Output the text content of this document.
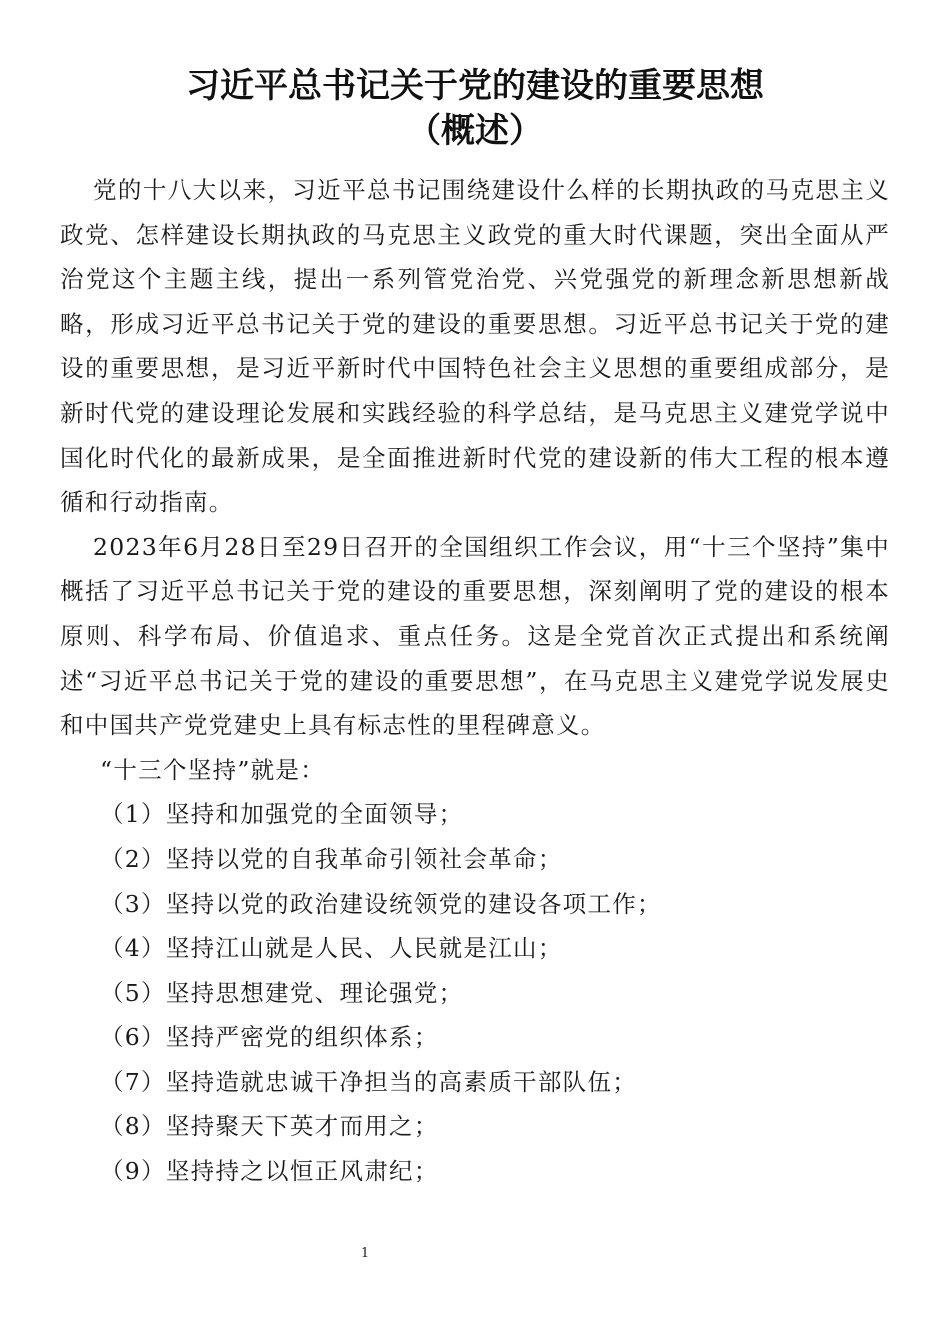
习近平总书记关于党的建设的重要思想
（概述）

党的十八大以来，习近平总书记围绕建设什么样的长期执政的马克思主义政党、怎样建设长期执政的马克思主义政党的重大时代课题，突出全面从严治党这个主题主线，提出一系列管党治党、兴党强党的新理念新思想新战略，形成习近平总书记关于党的建设的重要思想。习近平总书记关于党的建设的重要思想，是习近平新时代中国特色社会主义思想的重要组成部分，是新时代党的建设理论发展和实践经验的科学总结，是马克思主义建党学说中国化时代化的最新成果，是全面推进新时代党的建设新的伟大工程的根本遵循和行动指南。

2023年6月28日至29日召开的全国组织工作会议，用“十三个坚持”集中概括了习近平总书记关于党的建设的重要思想，深刻阐明了党的建设的根本原则、科学布局、价值追求、重点任务。这是全党首次正式提出和系统阐述“习近平总书记关于党的建设的重要思想”，在马克思主义建党学说发展史和中国共产党党建史上具有标志性的里程碑意义。

“十三个坚持”就是：

（1）坚持和加强党的全面领导；
（2）坚持以党的自我革命引领社会革命；
（3）坚持以党的政治建设统领党的建设各项工作；
（4）坚持江山就是人民、人民就是江山；
（5）坚持思想建党、理论强党；
（6）坚持严密党的组织体系；
（7）坚持造就忠诚干净担当的高素质干部队伍；
（8）坚持聚天下英才而用之；
（9）坚持持之以恒正风肃纪；
1
